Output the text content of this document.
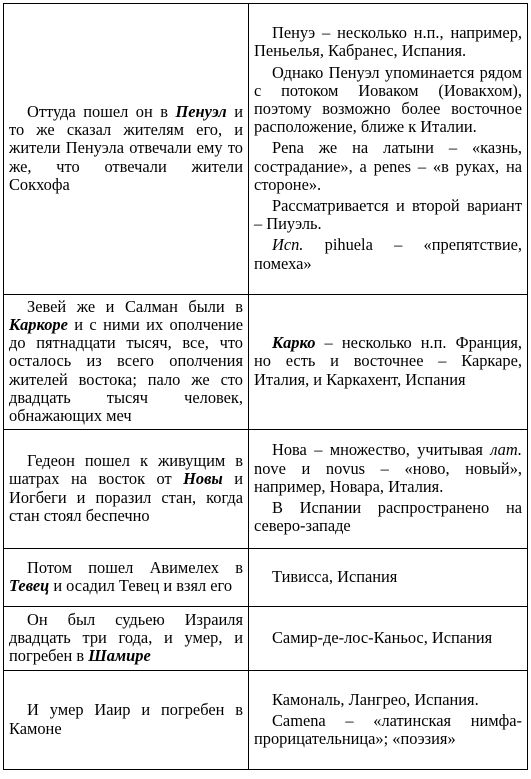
Оттуда пошел он в Пенуэл и то же сказал жителям его, и жители Пенуэла отвечали ему то же, что отвечали жители Сокхофа	Пенуэ – несколько н.п., например, Пеньелья, Кабранес, Испания.

Однако Пенуэл упоминается рядом с потоком Иоваком (Иовакхом), поэтому возможно более восточное расположение, ближе к Италии.

Pena же на латыни – «казнь, сострадание», а penes – «в руках, на стороне».

Рассматривается и второй вариант – Пиуэль.

Исп. pihuela – «препятствие, помеха»

Зевей же и Салман были в Каркоре и с ними их ополчение до пятнадцати тысяч, все, что осталось из всего ополчения жителей востока; пало же сто двадцать тысяч человек, обнажающих меч	Карко – несколько н.п. Франция, но есть и восточнее – Каркаре, Италия, и Каркахент, Испания

Гедеон пошел к живущим в шатрах на восток от Новы и Иогбеги и поразил стан, когда стан стоял беспечно	Нова – множество, учитывая лат. nove и novus – «ново, новый», например, Новара, Италия.

В Испании распространено на северо-западе

Потом пошел Авимелех в Тевец и осадил Тевец и взял его	Тивисса, Испания

Он был судьею Израиля двадцать три года, и умер, и погребен в Шамире	Самир-де-лос-Каньос, Испания

И умер Иаир и погребен в Камоне	Камональ, Лангрео, Испания.

Camena – «латинская нимфа-прорицательница»; «поэзия»
